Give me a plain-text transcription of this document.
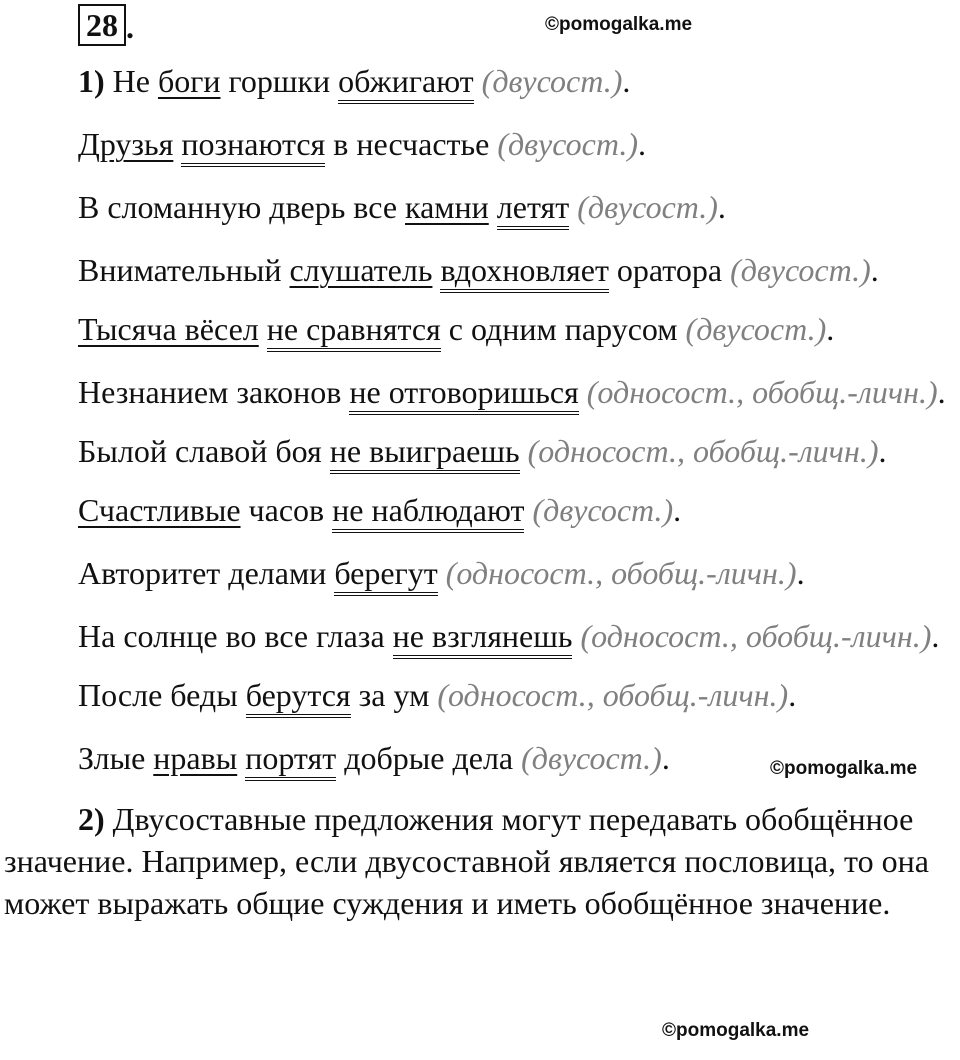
28 .	©pomogalka.me
©pomogalka.me
©pomogalka.me

1) Не боги горшки обжигают (двусост.).

Друзья познаются в несчастье (двусост.).

В сломанную дверь все камни летят (двусост.).

Внимательный слушатель вдохновляет оратора (двусост.).

Тысяча вёсел не сравнятся с одним парусом (двусост.).

Незнанием законов не отговоришься (односост., обобщ.-личн.).

Былой славой боя не выиграешь (односост., обобщ.-личн.).

Счастливые часов не наблюдают (двусост.).

Авторитет делами берегут (односост., обобщ.-личн.).

На солнце во все глаза не взглянешь (односост., обобщ.-личн.).

После беды берутся за ум (односост., обобщ.-личн.).

Злые нравы портят добрые дела (двусост.).

2) Двусоставные предложения могут передавать обобщённое значение. Например, если двусоставной является пословица, то она может выражать общие суждения и иметь обобщённое значение.
